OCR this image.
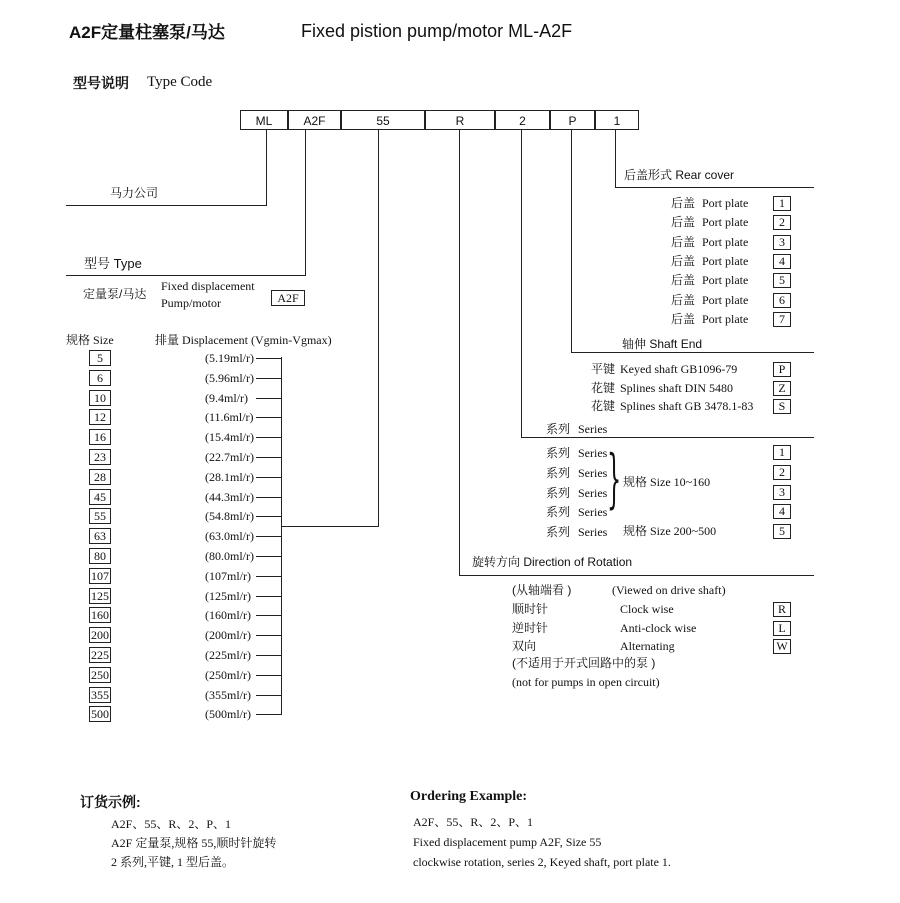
A2F定量柱塞泵/马达	Fixed pistion pump/motor ML-A2F
型号说明 Type Code
ML	A2F	55	R	2	P	1
马力公司
型号 Type
定量泵/马达
Fixed displacement
Pump/motor	A2F
规格 Size	排量 Displacement (Vgmin-Vgmax)
5	(5.19ml/r)
6	(5.96ml/r)
10	(9.4ml/r)
12	(11.6ml/r)
16	(15.4ml/r)
23	(22.7ml/r)
28	(28.1ml/r)
45	(44.3ml/r)
55	(54.8ml/r)
63	(63.0ml/r)
80	(80.0ml/r)
107	(107ml/r)
125	(125ml/r)
160	(160ml/r)
200	(200ml/r)
225	(225ml/r)
250	(250ml/r)
355	(355ml/r)
500	(500ml/r)
后盖形式 Rear cover
后盖 Port plate	1
后盖 Port plate	2
后盖 Port plate	3
后盖 Port plate	4
后盖 Port plate	5
后盖 Port plate	6
后盖 Port plate	7
轴伸 Shaft End
平键 Keyed shaft GB1096-79	P
花键 Splines shaft DIN 5480	Z
花键 Splines shaft GB 3478.1-83	S
系列 Series
系列 Series	1
系列 Series	2
系列 Series	3
系列 Series	4
系列 Series	5
} 规格 Size 10~160
规格 Size 200~500
旋转方向 Direction of Rotation
(从轴端看 )	(Viewed on drive shaft)
顺时针	Clock wise	R
逆时针	Anti-clock wise	L
双向	Alternating	W
(不适用于开式回路中的泵 )
(not for pumps in open circuit)
订货示例:
A2F、55、R、2、P、1
A2F 定量泵,规格 55,顺时针旋转
2 系列,平键, 1 型后盖。
Ordering Example:
A2F、55、R、2、P、1
Fixed displacement pump A2F, Size 55
clockwise rotation, series 2, Keyed shaft, port plate 1.
